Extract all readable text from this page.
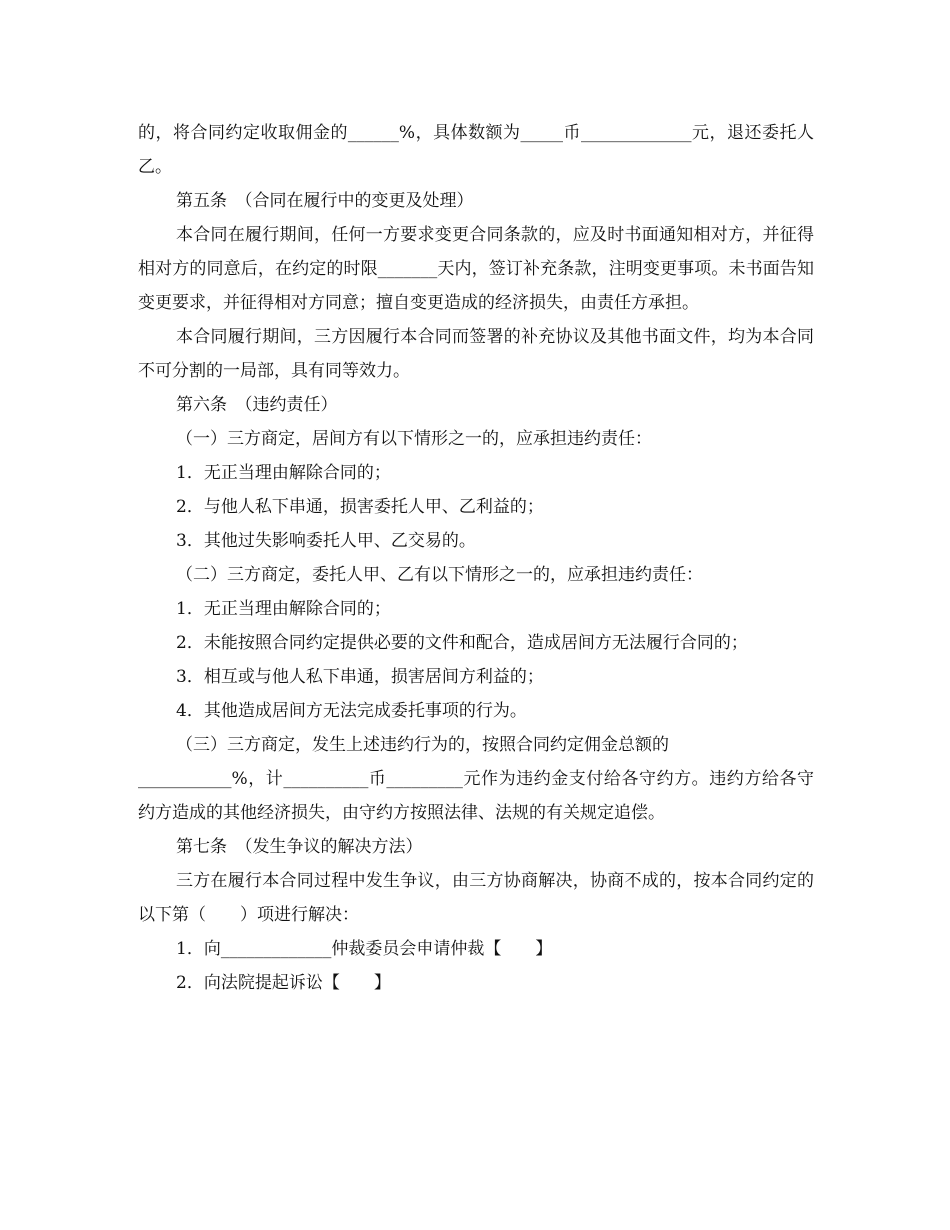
的，将合同约定收取佣金的______%，具体数额为_____币_____________元，退还委托人乙。

第五条　（合同在履行中的变更及处理）

本合同在履行期间，任何一方要求变更合同条款的，应及时书面通知相对方，并征得相对方的同意后，在约定的时限_______天内，签订补充条款，注明变更事项。未书面告知变更要求，并征得相对方同意；擅自变更造成的经济损失，由责任方承担。

本合同履行期间，三方因履行本合同而签署的补充协议及其他书面文件，均为本合同不可分割的一局部，具有同等效力。

第六条　（违约责任）

（一）三方商定，居间方有以下情形之一的，应承担违约责任：

1．无正当理由解除合同的；

2．与他人私下串通，损害委托人甲、乙利益的；

3．其他过失影响委托人甲、乙交易的。

（二）三方商定，委托人甲、乙有以下情形之一的，应承担违约责任：

1．无正当理由解除合同的；

2．未能按照合同约定提供必要的文件和配合，造成居间方无法履行合同的；

3．相互或与他人私下串通，损害居间方利益的；

4．其他造成居间方无法完成委托事项的行为。

（三）三方商定，发生上述违约行为的，按照合同约定佣金总额的

___________%，计__________币_________元作为违约金支付给各守约方。违约方给各守约方造成的其他经济损失，由守约方按照法律、法规的有关规定追偿。

第七条　（发生争议的解决方法）

三方在履行本合同过程中发生争议，由三方协商解决，协商不成的，按本合同约定的以下第（　　）项进行解决：

1．向_____________仲裁委员会申请仲裁【　　】

2．向法院提起诉讼【　　】
